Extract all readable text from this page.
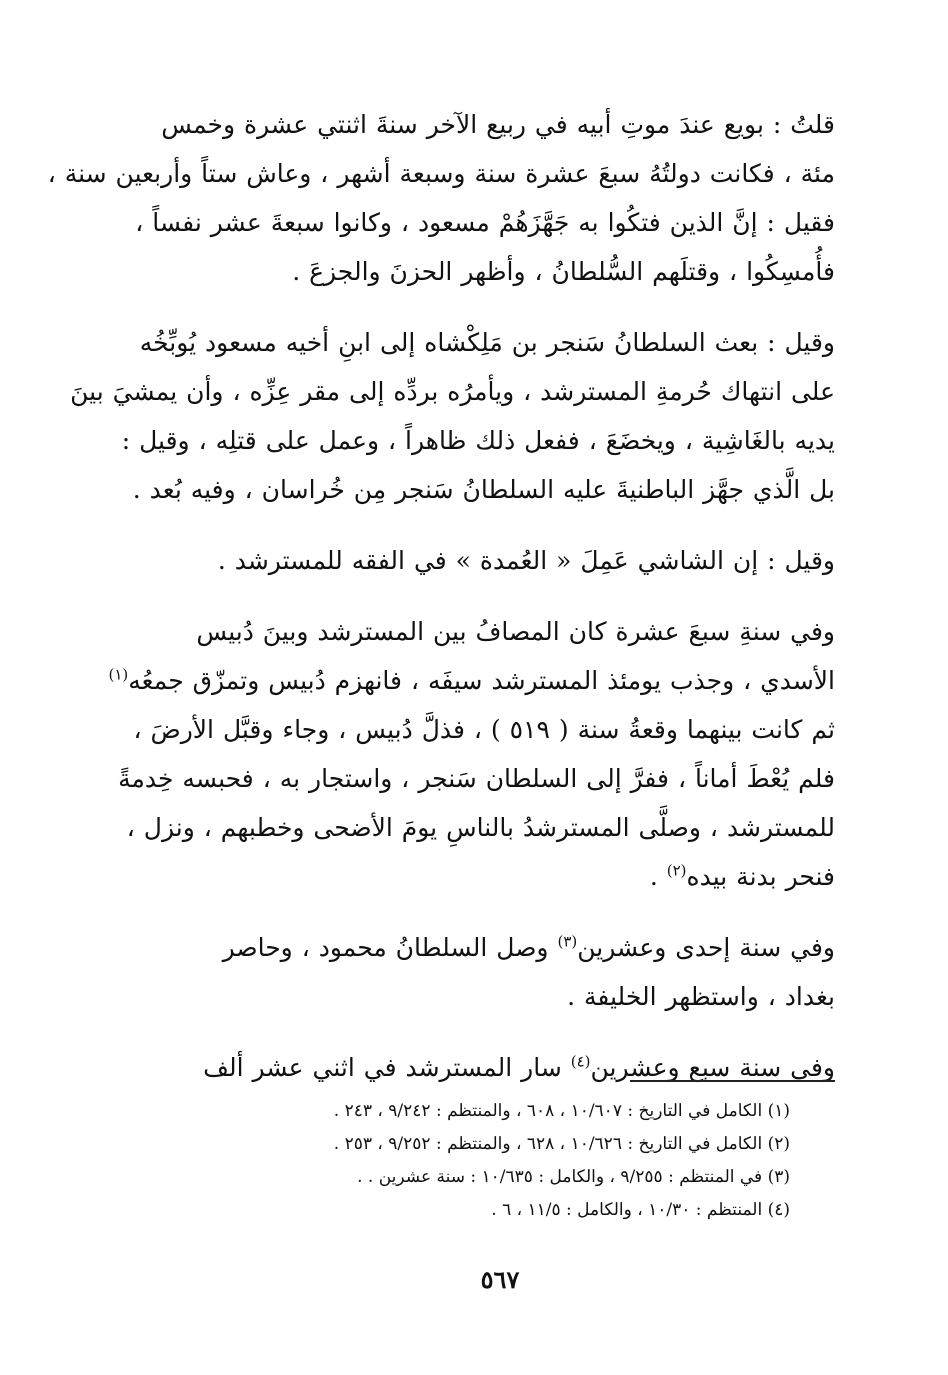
قلتُ : بويع عندَ موتِ أبيه في ربيع الآخر سنةَ اثنتي عشرة وخمس
مئة ، فكانت دولتُهُ سبعَ عشرة سنة وسبعة أشهر ، وعاش ستاً وأربعين سنة ،
فقيل : إنَّ الذين فتكُوا به جَهَّزَهُمْ مسعود ، وكانوا سبعةَ عشر نفساً ،
فأُمسِكُوا ، وقتلَهم السُّلطانُ ، وأظهر الحزنَ والجزعَ .

وقيل : بعث السلطانُ سَنجر بن مَلِكْشاه إلى ابنِ أخيه مسعود يُوبِّخُه
على انتهاك حُرمةِ المسترشد ، ويأمرُه بردِّه إلى مقر عِزِّه ، وأن يمشيَ بينَ
يديه بالغَاشِية ، ويخضَعَ ، ففعل ذلك ظاهراً ، وعمل على قتلِه ، وقيل :
بل الَّذي جهَّز الباطنيةَ عليه السلطانُ سَنجر مِن خُراسان ، وفيه بُعد .

وقيل : إن الشاشي عَمِلَ « العُمدة » في الفقه للمسترشد .

وفي سنةِ سبعَ عشرة كان المصافُ بين المسترشد وبينَ دُبيس
الأسدي ، وجذب يومئذ المسترشد سيفَه ، فانهزم دُبيس وتمزّق جمعُه$^{(١)}$
ثم كانت بينهما وقعةُ سنة ( ٥١٩ ) ، فذلَّ دُبيس ، وجاء وقبَّل الأرضَ ،
فلم يُعْطَ أماناً ، ففرَّ إلى السلطان سَنجر ، واستجار به ، فحبسه خِدمةً
للمسترشد ، وصلَّى المسترشدُ بالناسِ يومَ الأضحى وخطبهم ، ونزل ،
فنحر بدنة بيده$^{(٢)}$ .

وفي سنة إحدى وعشرين$^{(٣)}$ وصل السلطانُ محمود ، وحاصر
بغداد ، واستظهر الخليفة .

وفي سنة سبع وعشرين$^{(٤)}$ سار المسترشد في اثني عشر ألف

(١) الكامل في التاريخ : ١٠/٦٠٧ ، ٦٠٨ ، والمنتظم : ٩/٢٤٢ ، ٢٤٣ .
(٢) الكامل في التاريخ : ١٠/٦٢٦ ، ٦٢٨ ، والمنتظم : ٩/٢٥٢ ، ٢٥٣ .
(٣) في المنتظم : ٩/٢٥٥ ، والكامل : ١٠/٦٣٥ : سنة عشرين . .
(٤) المنتظم : ١٠/٣٠ ، والكامل : ١١/٥ ، ٦ .
٥٦٧
